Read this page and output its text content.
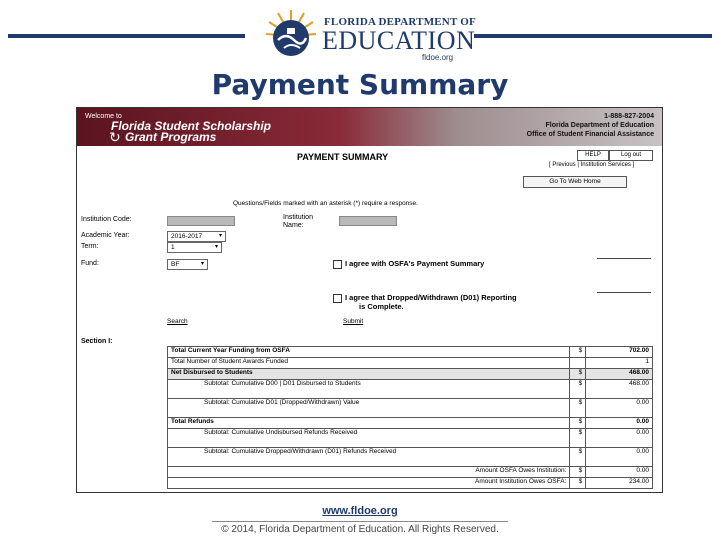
FLORIDA DEPARTMENT OF
EDUCATION
fldoe.org
Payment Summary
Welcome to
Florida Student Scholarship
↻ Grant Programs
1-888-827-2004
Florida Department of Education
Office of Student Financial Assistance
PAYMENT SUMMARY	HELP	Log out
[ Previous | Institution Services ]
Go To Web Home
Questions/Fields marked with an asterisk (*) require a response.
Institution Code:	Institution Name:
Academic Year:	2016-2017	▾
Term:	1	▾
Fund:	BF	▾	I agree with OSFA's Payment Summary
I agree that Dropped/Withdrawn (D01) Reporting
is Complete.
Search	Submit
Section I:
Total Current Year Funding from OSFA	$	702.00
Total Number of Student Awards Funded		1
Net Disbursed to Students	$	468.00
Subtotal: Cumulative D00 | D01 Disbursed to Students	$	468.00
Subtotal: Cumulative D01 (Dropped/Withdrawn) Value	$	0.00
Total Refunds	$	0.00
Subtotal: Cumulative Undisbursed Refunds Received	$	0.00
Subtotal: Cumulative Dropped/Withdrawn (D01) Refunds Received	$	0.00
Amount OSFA Owes Institution:	$	0.00
Amount Institution Owes OSFA:	$	234.00
www.fldoe.org
© 2014, Florida Department of Education. All Rights Reserved.
